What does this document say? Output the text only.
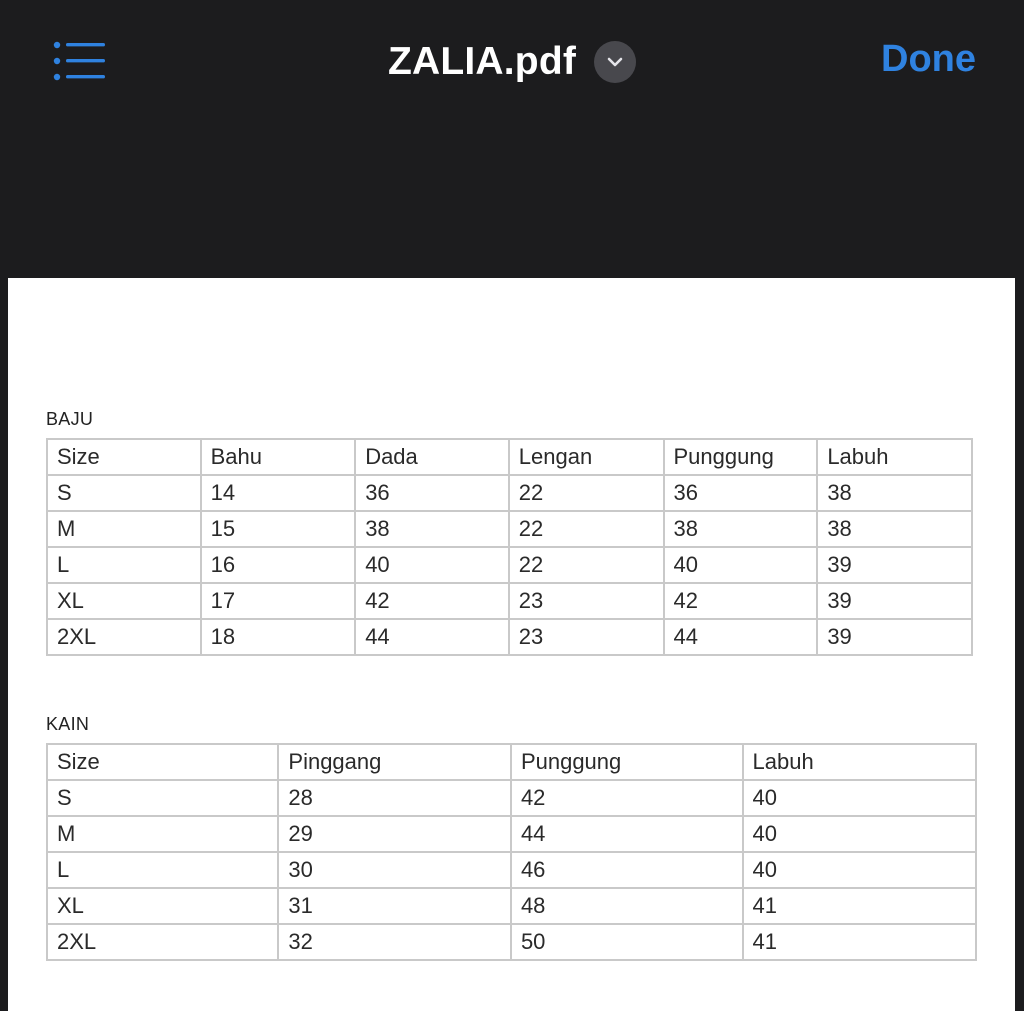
ZALIA.pdf	Done
BAJU
Size	Bahu	Dada	Lengan	Punggung	Labuh
S	14	36	22	36	38
M	15	38	22	38	38
L	16	40	22	40	39
XL	17	42	23	42	39
2XL	18	44	23	44	39
KAIN
Size	Pinggang	Punggung	Labuh
S	28	42	40
M	29	44	40
L	30	46	40
XL	31	48	41
2XL	32	50	41
